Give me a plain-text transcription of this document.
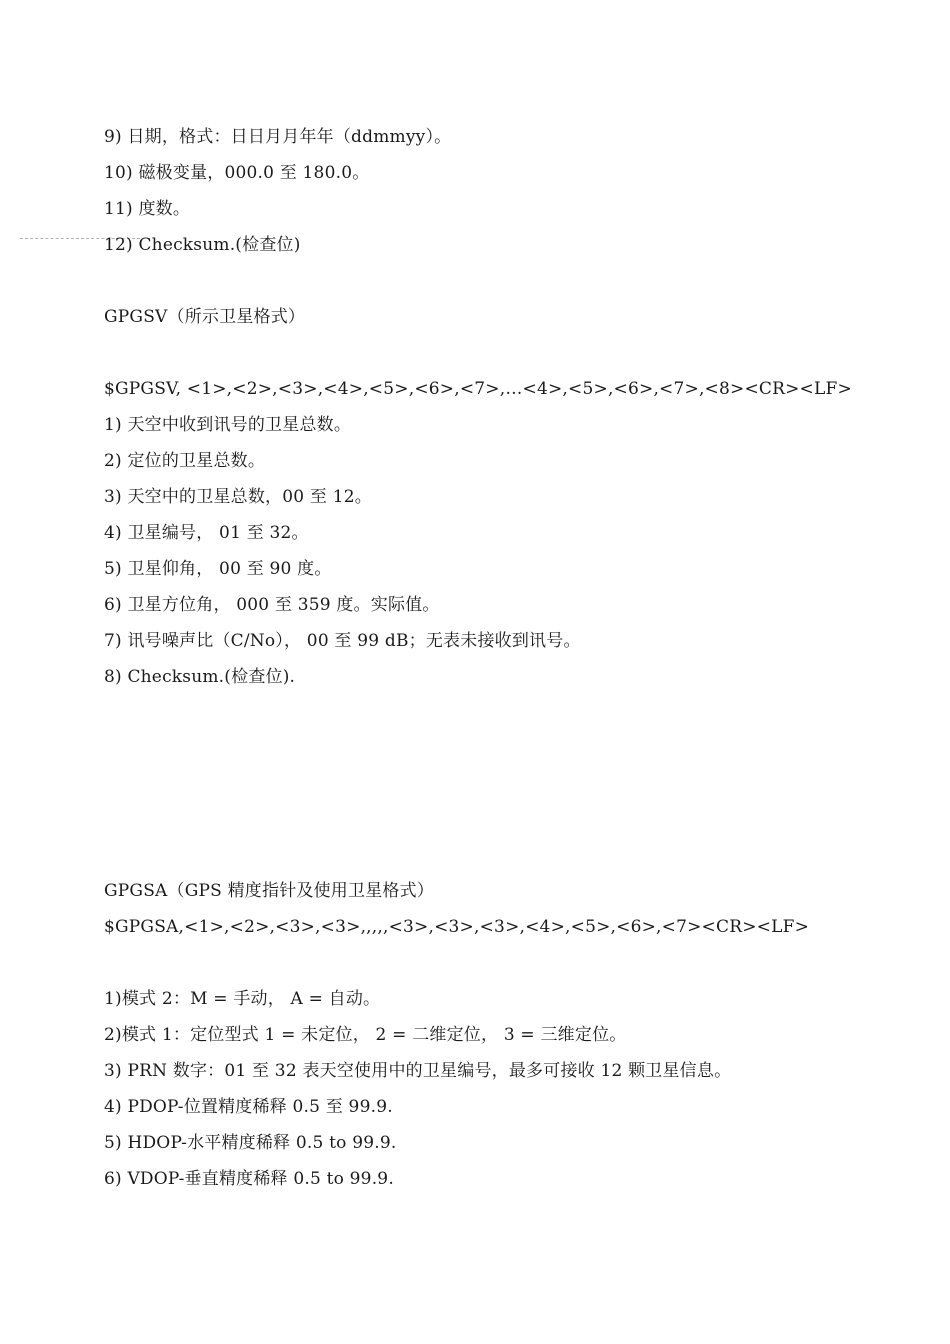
9) 日期，格式：日日月月年年（ddmmyy）。
10) 磁极变量，000.0 至 180.0。
11) 度数。
12) Checksum.(检查位)
GPGSV（所示卫星格式）
$GPGSV, <1>,<2>,<3>,<4>,<5>,<6>,<7>,…<4>,<5>,<6>,<7>,<8><CR><LF>
1) 天空中收到讯号的卫星总数。
2) 定位的卫星总数。
3) 天空中的卫星总数，00 至 12。
4) 卫星编号， 01 至 32。
5) 卫星仰角， 00 至 90 度。
6) 卫星方位角， 000 至 359 度。实际值。
7) 讯号噪声比（C/No）， 00 至 99 dB；无表未接收到讯号。
8) Checksum.(检查位).
GPGSA（GPS 精度指针及使用卫星格式）
$GPGSA,<1>,<2>,<3>,<3>,,,,,<3>,<3>,<3>,<4>,<5>,<6>,<7><CR><LF>
1)模式 2：M = 手动， A = 自动。
2)模式 1：定位型式 1 = 未定位， 2 = 二维定位， 3 = 三维定位。
3) PRN 数字：01 至 32 表天空使用中的卫星编号，最多可接收 12 颗卫星信息。
4) PDOP-位置精度稀释 0.5 至 99.9.
5) HDOP-水平精度稀释 0.5 to 99.9.
6) VDOP-垂直精度稀释 0.5 to 99.9.
